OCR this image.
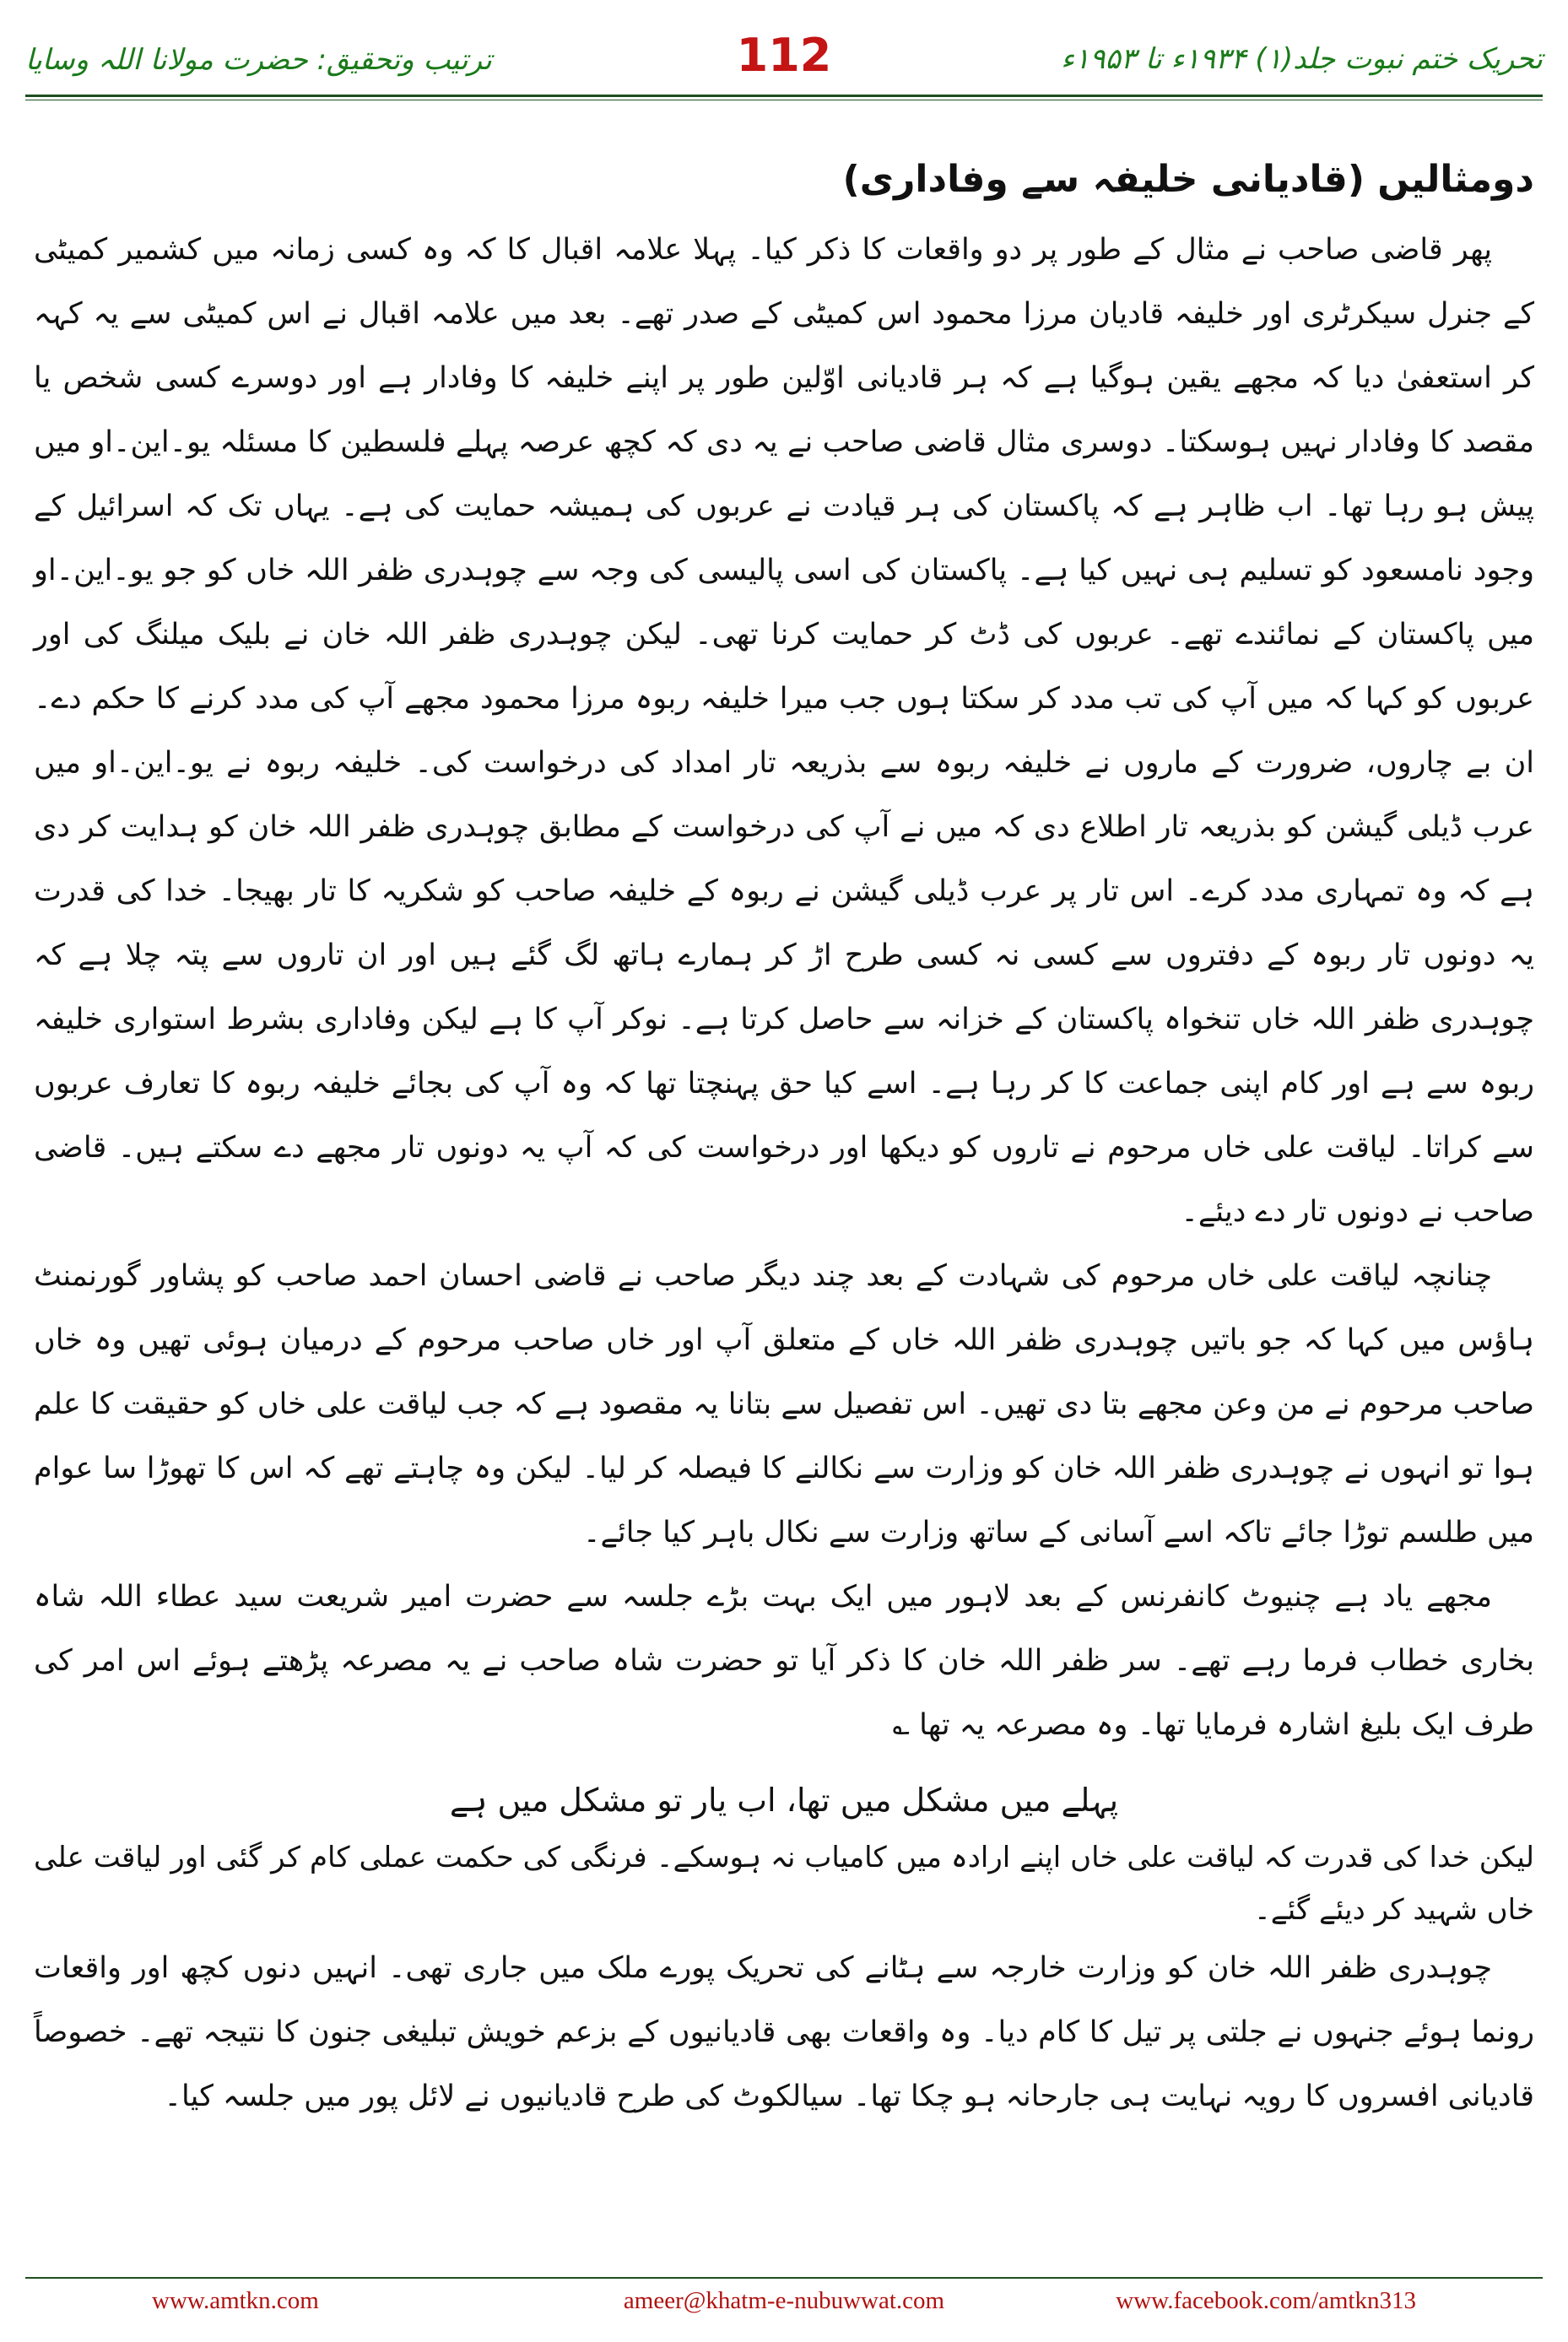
ترتیب وتحقیق: حضرت مولانا اللہ وسایا	112	تحریک ختم نبوت جلد(۱) ۱۹۳۴ء تا ۱۹۵۳ء
دومثالیں (قادیانی خلیفہ سے وفاداری)

پھر قاضی صاحب نے مثال کے طور پر دو واقعات کا ذکر کیا۔ پہلا علامہ اقبال کا کہ وہ کسی زمانہ میں کشمیر کمیٹی کے جنرل سیکرٹری اور خلیفہ قادیان مرزا محمود اس کمیٹی کے صدر تھے۔ بعد میں علامہ اقبال نے اس کمیٹی سے یہ کہہ کر استعفیٰ دیا کہ مجھے یقین ہوگیا ہے کہ ہر قادیانی اوّلین طور پر اپنے خلیفہ کا وفادار ہے اور دوسرے کسی شخص یا مقصد کا وفادار نہیں ہوسکتا۔ دوسری مثال قاضی صاحب نے یہ دی کہ کچھ عرصہ پہلے فلسطین کا مسئلہ یو۔این۔او میں پیش ہو رہا تھا۔ اب ظاہر ہے کہ پاکستان کی ہر قیادت نے عربوں کی ہمیشہ حمایت کی ہے۔ یہاں تک کہ اسرائیل کے وجود نامسعود کو تسلیم ہی نہیں کیا ہے۔ پاکستان کی اسی پالیسی کی وجہ سے چوہدری ظفر اللہ خاں کو جو یو۔این۔او میں پاکستان کے نمائندے تھے۔ عربوں کی ڈٹ کر حمایت کرنا تھی۔ لیکن چوہدری ظفر اللہ خان نے بلیک میلنگ کی اور عربوں کو کہا کہ میں آپ کی تب مدد کر سکتا ہوں جب میرا خلیفہ ربوہ مرزا محمود مجھے آپ کی مدد کرنے کا حکم دے۔ ان بے چاروں، ضرورت کے ماروں نے خلیفہ ربوہ سے بذریعہ تار امداد کی درخواست کی۔ خلیفہ ربوہ نے یو۔این۔او میں عرب ڈیلی گیشن کو بذریعہ تار اطلاع دی کہ میں نے آپ کی درخواست کے مطابق چوہدری ظفر اللہ خان کو ہدایت کر دی ہے کہ وہ تمہاری مدد کرے۔ اس تار پر عرب ڈیلی گیشن نے ربوہ کے خلیفہ صاحب کو شکریہ کا تار بھیجا۔ خدا کی قدرت یہ دونوں تار ربوہ کے دفتروں سے کسی نہ کسی طرح اڑ کر ہمارے ہاتھ لگ گئے ہیں اور ان تاروں سے پتہ چلا ہے کہ چوہدری ظفر اللہ خاں تنخواہ پاکستان کے خزانہ سے حاصل کرتا ہے۔ نوکر آپ کا ہے لیکن وفاداری بشرط استواری خلیفہ ربوہ سے ہے اور کام اپنی جماعت کا کر رہا ہے۔ اسے کیا حق پہنچتا تھا کہ وہ آپ کی بجائے خلیفہ ربوہ کا تعارف عربوں سے کراتا۔ لیاقت علی خاں مرحوم نے تاروں کو دیکھا اور درخواست کی کہ آپ یہ دونوں تار مجھے دے سکتے ہیں۔ قاضی صاحب نے دونوں تار دے دیئے۔

چنانچہ لیاقت علی خاں مرحوم کی شہادت کے بعد چند دیگر صاحب نے قاضی احسان احمد صاحب کو پشاور گورنمنٹ ہاؤس میں کہا کہ جو باتیں چوہدری ظفر اللہ خاں کے متعلق آپ اور خاں صاحب مرحوم کے درمیان ہوئی تھیں وہ خاں صاحب مرحوم نے من وعن مجھے بتا دی تھیں۔ اس تفصیل سے بتانا یہ مقصود ہے کہ جب لیاقت علی خاں کو حقیقت کا علم ہوا تو انہوں نے چوہدری ظفر اللہ خان کو وزارت سے نکالنے کا فیصلہ کر لیا۔ لیکن وہ چاہتے تھے کہ اس کا تھوڑا سا عوام میں طلسم توڑا جائے تاکہ اسے آسانی کے ساتھ وزارت سے نکال باہر کیا جائے۔

مجھے یاد ہے چنیوٹ کانفرنس کے بعد لاہور میں ایک بہت بڑے جلسہ سے حضرت امیر شریعت سید عطاء اللہ شاہ بخاری خطاب فرما رہے تھے۔ سر ظفر اللہ خان کا ذکر آیا تو حضرت شاہ صاحب نے یہ مصرعہ پڑھتے ہوئے اس امر کی طرف ایک بلیغ اشارہ فرمایا تھا۔ وہ مصرعہ یہ تھا ؎

پہلے میں مشکل میں تھا، اب یار تو مشکل میں ہے

لیکن خدا کی قدرت کہ لیاقت علی خاں اپنے ارادہ میں کامیاب نہ ہوسکے۔ فرنگی کی حکمت عملی کام کر گئی اور لیاقت علی خاں شہید کر دیئے گئے۔

چوہدری ظفر اللہ خان کو وزارت خارجہ سے ہٹانے کی تحریک پورے ملک میں جاری تھی۔ انہیں دنوں کچھ اور واقعات رونما ہوئے جنہوں نے جلتی پر تیل کا کام دیا۔ وہ واقعات بھی قادیانیوں کے بزعم خویش تبلیغی جنون کا نتیجہ تھے۔ خصوصاً قادیانی افسروں کا رویہ نہایت ہی جارحانہ ہو چکا تھا۔ سیالکوٹ کی طرح قادیانیوں نے لائل پور میں جلسہ کیا۔

www.amtkn.com	ameer@khatm-e-nubuwwat.com	www.facebook.com/amtkn313
